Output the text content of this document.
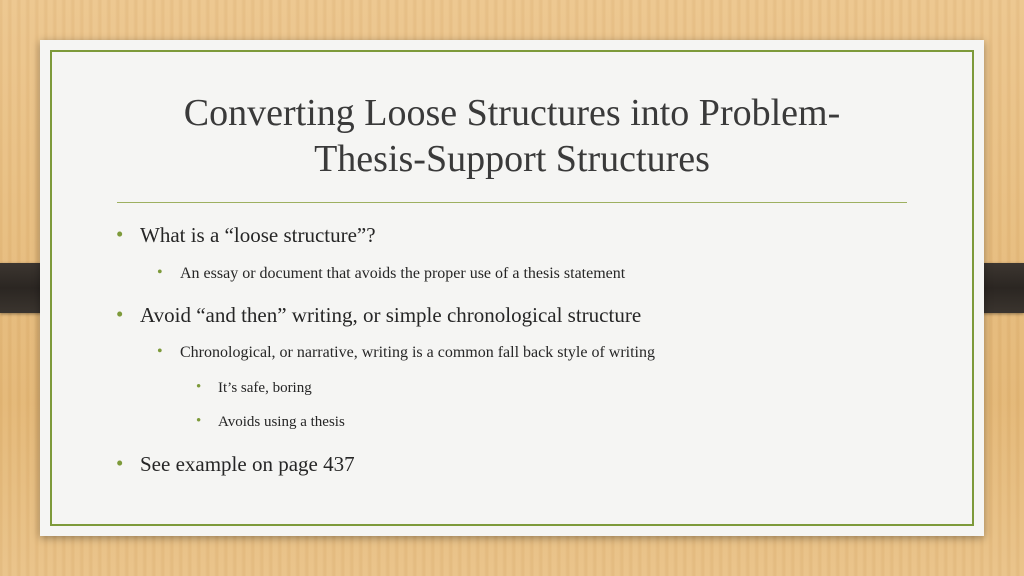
Converting Loose Structures into Problem-
Thesis-Support Structures
• What is a “loose structure”?
• An essay or document that avoids the proper use of a thesis statement
• Avoid “and then” writing, or simple chronological structure
• Chronological, or narrative, writing is a common fall back style of writing
• It’s safe, boring
• Avoids using a thesis
• See example on page 437
